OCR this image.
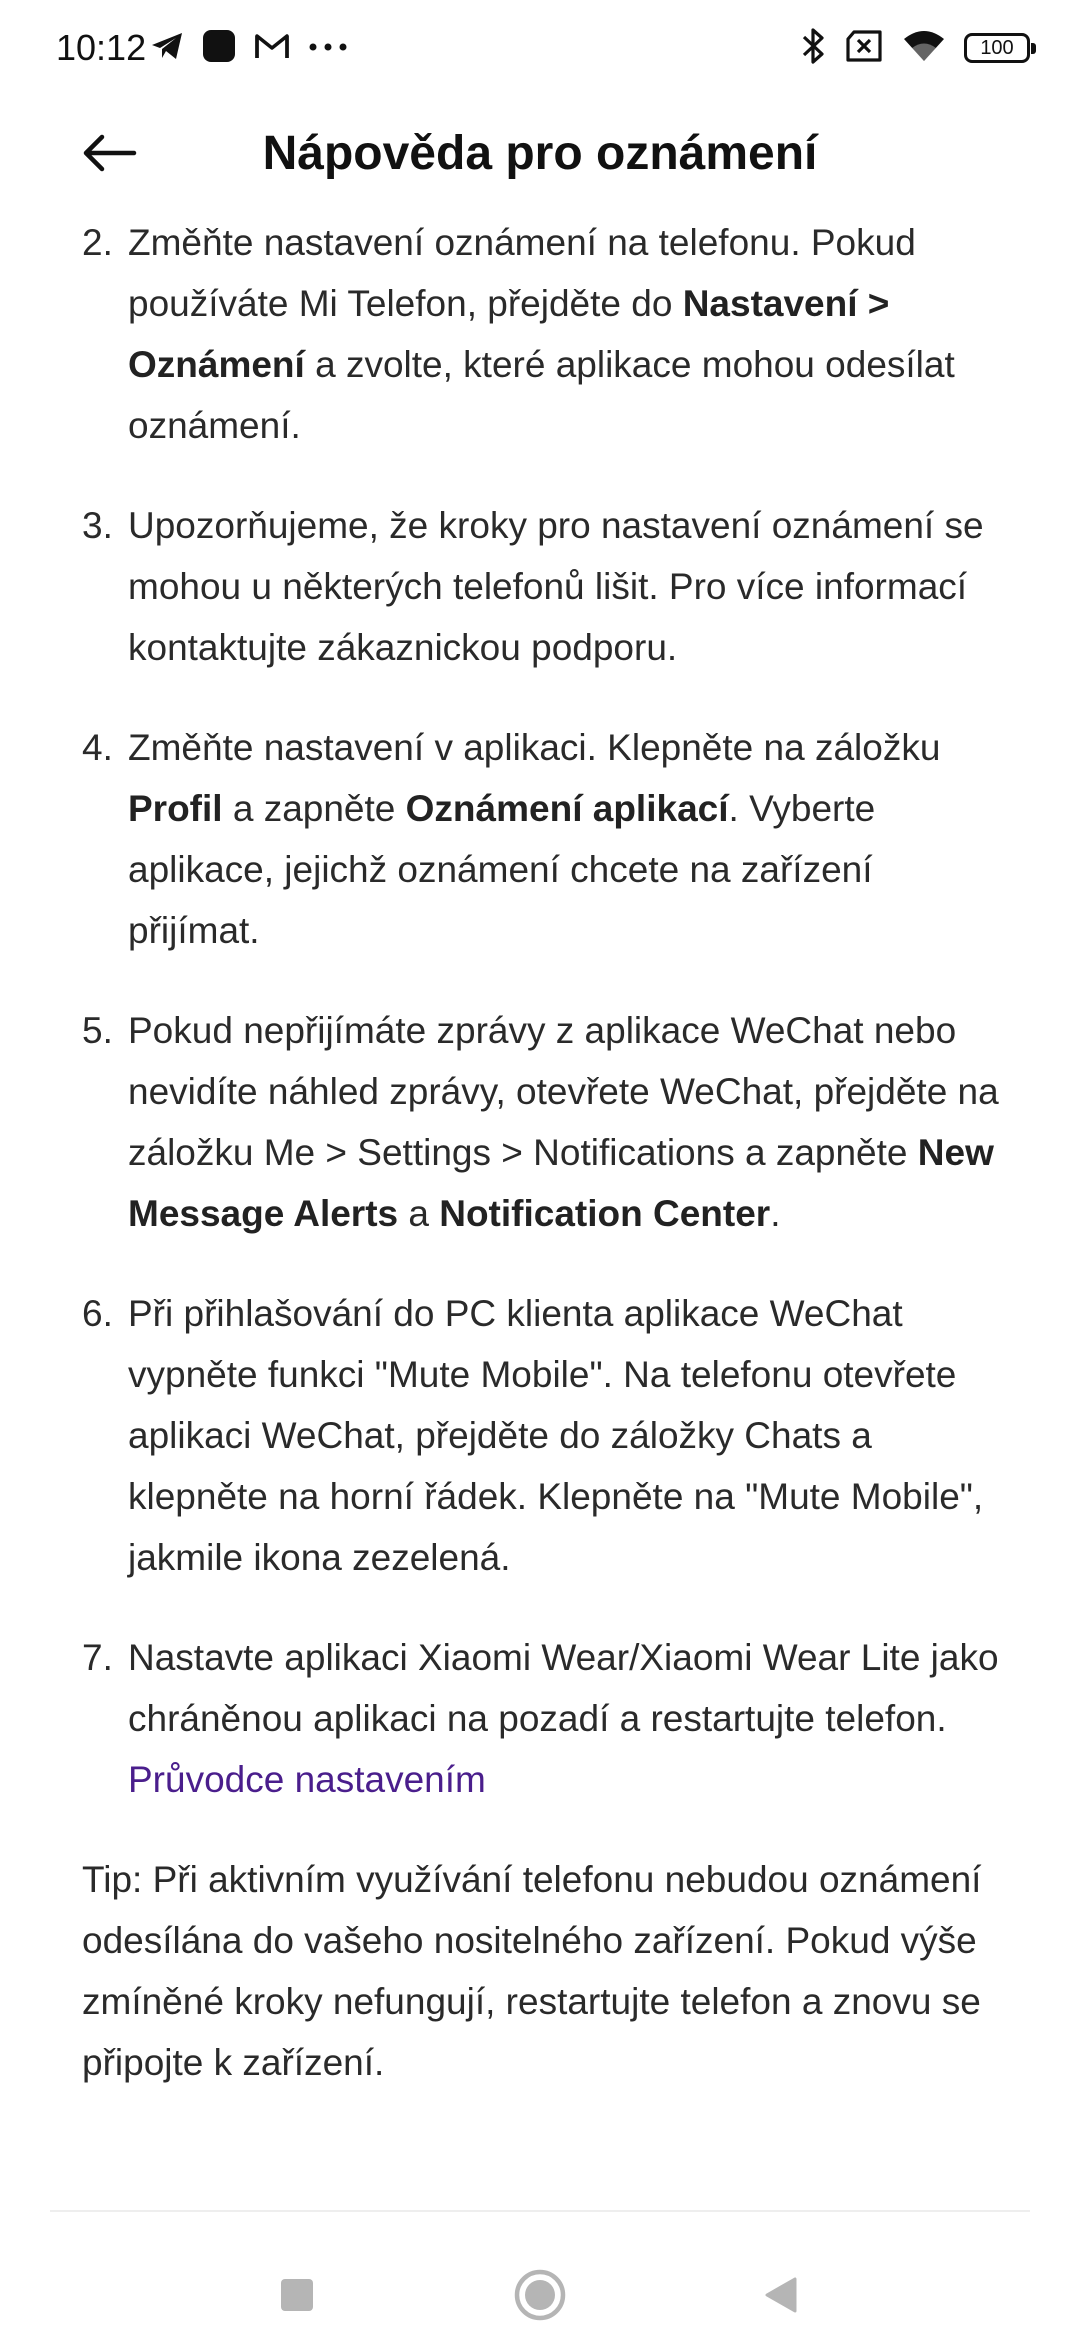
10:12	100
Nápověda pro oznámení
2. Změňte nastavení oznámení na telefonu. Pokud používáte Mi Telefon, přejděte do Nastavení > Oznámení a zvolte, které aplikace mohou odesílat oznámení.
3. Upozorňujeme, že kroky pro nastavení oznámení se mohou u některých telefonů lišit. Pro více informací kontaktujte zákaznickou podporu.
4. Změňte nastavení v aplikaci. Klepněte na záložku Profil a zapněte Oznámení aplikací. Vyberte aplikace, jejichž oznámení chcete na zařízení přijímat.
5. Pokud nepřijímáte zprávy z aplikace WeChat nebo nevidíte náhled zprávy, otevřete WeChat, přejděte na záložku Me > Settings > Notifications a zapněte New Message Alerts a Notification Center.
6. Při přihlašování do PC klienta aplikace WeChat vypněte funkci "Mute Mobile". Na telefonu otevřete aplikaci WeChat, přejděte do záložky Chats a klepněte na horní řádek. Klepněte na "Mute Mobile", jakmile ikona zezelená.
7. Nastavte aplikaci Xiaomi Wear/Xiaomi Wear Lite jako chráněnou aplikaci na pozadí a restartujte telefon. Průvodce nastavením
Tip: Při aktivním využívání telefonu nebudou oznámení odesílána do vašeho nositelného zařízení. Pokud výše zmíněné kroky nefungují, restartujte telefon a znovu se připojte k zařízení.
